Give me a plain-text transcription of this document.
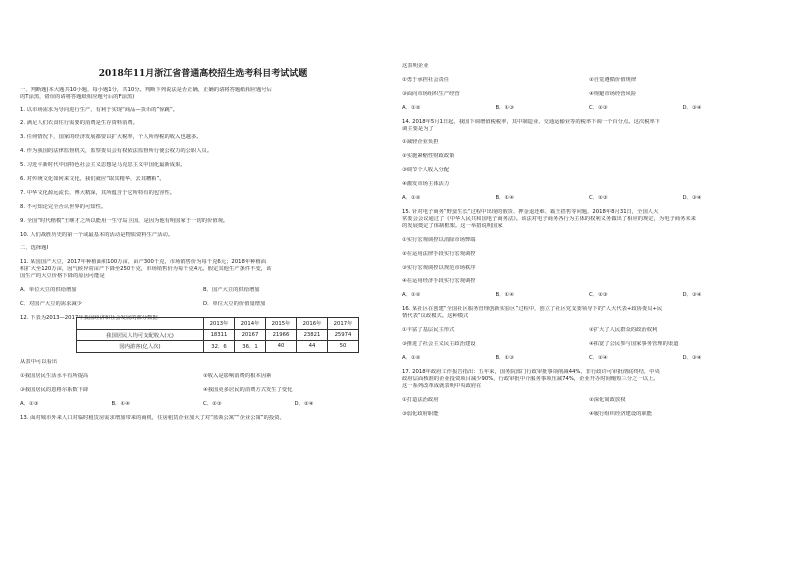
2018年11月浙江省普通高校招生选考科目考试试题
一、判断题(本大题共10小题，每小题1分，共10分。判断下列说法是否正确，正确的请将答题纸相应题号后
的T涂黑，错误的请将答题纸相应题号后的F涂黑)
1. 以市场需求为导向进行生产，有利于实现“商品—货币的”惊跳”。
2. 满足人们衣食住行需要的消费是生存资料消费。
3. 任何情况下，国家的经济发展都要以扩大税率，个人所得税的收入也越多。
4. 作为我国的法律监督机关，监察委员会有权依法监督所行使公权力的公职人员。
5. 习近平新时代中国特色社会主义思想是马克思主义中国化最新成果。
6. 对传统文化如何来文化，我们就应“取其精华，去其糟粕”。
7. 中华文化源远流长，博大精深，其所蕴含于它所特有的包容性。
8. 不可知论完全否认世界的可知性。
9. 全国“时代楷模”王继才之所以能用一生守岛卫国，是因为他有明国家于一切的价值观。
10. 人们战胜历史的第一个或最基本的活动是物质资料生产活动。
二、选择题Ⅰ
11. 某国国产大豆，2017年种植面积100万亩，亩产300千克，市场销售价为每千克6元；2018年种植面
积扩大至120万亩，因气候异常亩产下降至250千克，市场销售价为每千克4元。假定其他生产条件不变，该
国生产的大豆价格下降的原因可能是
A．单位大豆的供给增加	B．国产大豆的供给增加
C．对国产大豆的需求减少	D．单位大豆的价值量增加
12. 下表为2013—2017年我国经济和社会发展的部分数据
从表中可以看出
①我国居民生活水平有所提高	②收入是影响消费的根本因素
③我国居民的恩格尔系数下降	④我国更多居民的消费方式发生了变化
A．①③	B．①④	C．②③	D．②④
13. 面对城市外来人口对临时租赁房需求增加带来的商机，住房租赁企业加大了对“蓝领公寓”“企业公寓”的投资。
	2013年	2014年	2015年	2016年	2017年
我国居民人均可支配收入(元)	18311	20167	21966	23821	25974
国内游客(亿人次)	32．6	36．1	40	44	50
这表明企业
①勇于承担社会责任	②自觉遵循价值规律
③面向市场组织生产经营	④规避市场经营风险
A．①②	B．①③	C．②③	D．③④
14. 2018年5月1日起，我国下调增值税税率，其中制造业、交通运输业等的税率下调一个百分点。这次税率下
调主要是为了
①减轻企业负担
②实施紧缩性财政政策
③调节个人收入分配
④激发市场主体活力
A．①②	B．①④	C．②③	D．③④
15. 针对电子商务“野蛮生长”过程中出现的假货、押金退还难、霸王搭售等问题，2018年8月31日，全国人大
常委会会议通过了《中华人民共和国电子商务法》。该法对电子商务各行为主体的权利义务做出了相应的规定，为电子商务未来
的发展奠定了体制框架。这一举措说明国家
①实行宏观调控以消除市场弊端
②在运用法律手段实行宏观调控
③实行宏观调控以规范市场秩序
④在运用经济手段实行宏观调控
A．①②	B．①④	C．②③	D．③④
16. 某社区在创建“全国社区服务管理创新实验区”过程中，创立了社区党支委领导下的“人大代表+政协委员+民
情代表”议政模式。这种模式
①丰富了基层民主形式	②扩大了人民群众的政治权利
③推进了社会主义民主政治建设	④拓宽了公民参与国家事务管理的渠道
A．①②	B．①③	C．②④	D．③④
17. 2018年政府工作报告指出：五年来，国务院部门行政审批事项削减44%，非行政许可审批彻底终结，中央
政府层面核准的企业投资项目减少90%，行政审批中介服务事项压减74%，企业开办时间缩短三分之一以上。
这一系列改革成就表明中央政府在
①打造法治政府	②深化简政放权
③弱化政府职能	④履行组织经济建设的职能
